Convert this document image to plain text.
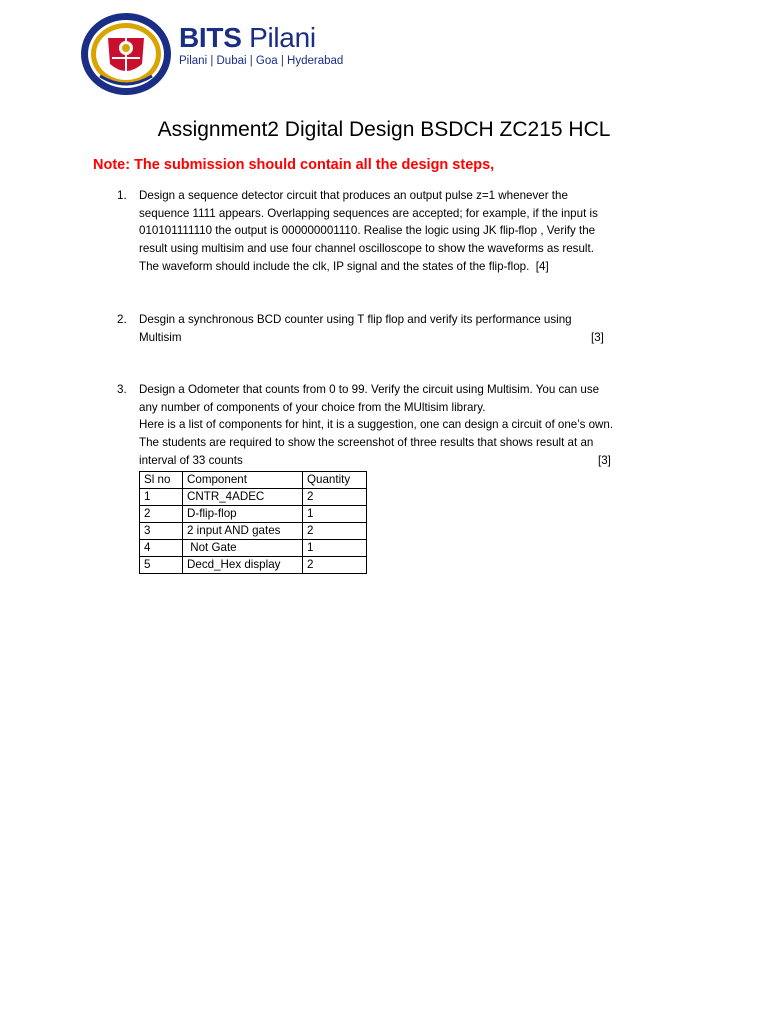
BITS Pilani
Pilani | Dubai | Goa | Hyderabad
Assignment2 Digital Design BSDCH ZC215 HCL
Note: The submission should contain all the design steps,
1. Design a sequence detector circuit that produces an output pulse z=1 whenever the
sequence 1111 appears. Overlapping sequences are accepted; for example, if the input is
010101111110 the output is 000000001110. Realise the logic using JK flip-flop , Verify the
result using multisim and use four channel oscilloscope to show the waveforms as result.
The waveform should include the clk, IP signal and the states of the flip-flop. [4]
2. Desgin a synchronous BCD counter using T flip flop and verify its performance using
Multisim	[3]
3. Design a Odometer that counts from 0 to 99. Verify the circuit using Multisim. You can use
any number of components of your choice from the MUltisim library.
Here is a list of components for hint, it is a suggestion, one can design a circuit of one’s own.
The students are required to show the screenshot of three results that shows result at an
interval of 33 counts	[3]
Sl no	Component	Quantity
1	CNTR_4ADEC	2
2	D-flip-flop	1
3	2 input AND gates	2
4	Not Gate	1
5	Decd_Hex display	2
